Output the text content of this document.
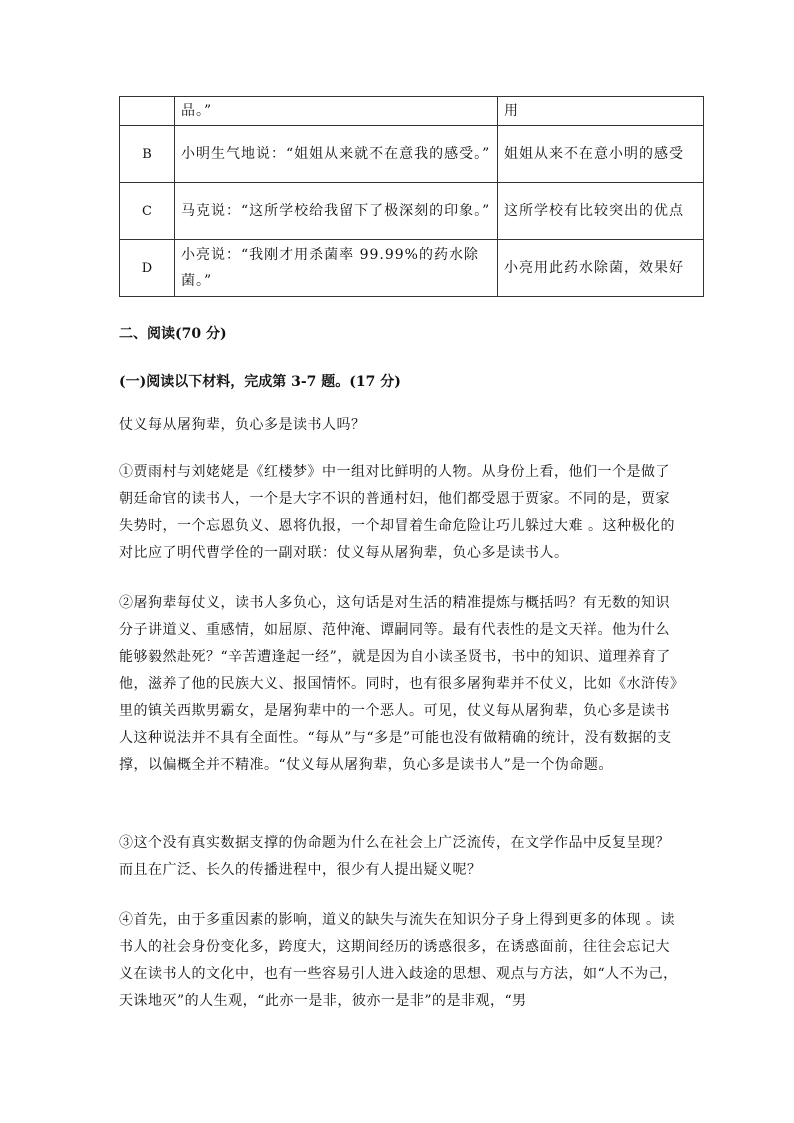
	品。”	用
B	小明生气地说：“姐姐从来就不在意我的感受。”	姐姐从来不在意小明的感受
C	马克说：“这所学校给我留下了极深刻的印象。”	这所学校有比较突出的优点
D	小亮说：“我刚才用杀菌率 99.99%的药水除菌。”	小亮用此药水除菌，效果好
二、阅读(70 分)
(一)阅读以下材料，完成第 3-7 题。(17 分)
仗义每从屠狗辈，负心多是读书人吗？
①贾雨村与刘姥姥是《红楼梦》中一组对比鲜明的人物。从身份上看，他们一个是做了朝廷命官的读书人，一个是大字不识的普通村妇，他们都受恩于贾家。不同的是，贾家失势时，一个忘恩负义、恩将仇报，一个却冒着生命危险让巧儿躲过大难 。这种极化的对比应了明代曹学佺的一副对联：仗义每从屠狗辈，负心多是读书人。
②屠狗辈每仗义，读书人多负心，这句话是对生活的精准提炼与概括吗？有无数的知识分子讲道义、重感情，如屈原、范仲淹、谭嗣同等。最有代表性的是文天祥。他为什么能够毅然赴死？“辛苦遭逢起一经”，就是因为自小读圣贤书，书中的知识、道理养育了他，滋养了他的民族大义、报国情怀。同时，也有很多屠狗辈并不仗义，比如《水浒传》里的镇关西欺男霸女，是屠狗辈中的一个恶人。可见，仗义每从屠狗辈，负心多是读书人这种说法并不具有全面性。“每从”与“多是”可能也没有做精确的统计，没有数据的支撑，以偏概全并不精准。“仗义每从屠狗辈，负心多是读书人”是一个伪命题。
③这个没有真实数据支撑的伪命题为什么在社会上广泛流传，在文学作品中反复呈现？而且在广泛、长久的传播进程中，很少有人提出疑义呢？
④首先，由于多重因素的影响，道义的缺失与流失在知识分子身上得到更多的体现 。读书人的社会身份变化多，跨度大，这期间经历的诱惑很多，在诱惑面前，往往会忘记大义在读书人的文化中，也有一些容易引人进入歧途的思想、观点与方法，如“人不为己，天诛地灭”的人生观，“此亦一是非，彼亦一是非”的是非观，“男
